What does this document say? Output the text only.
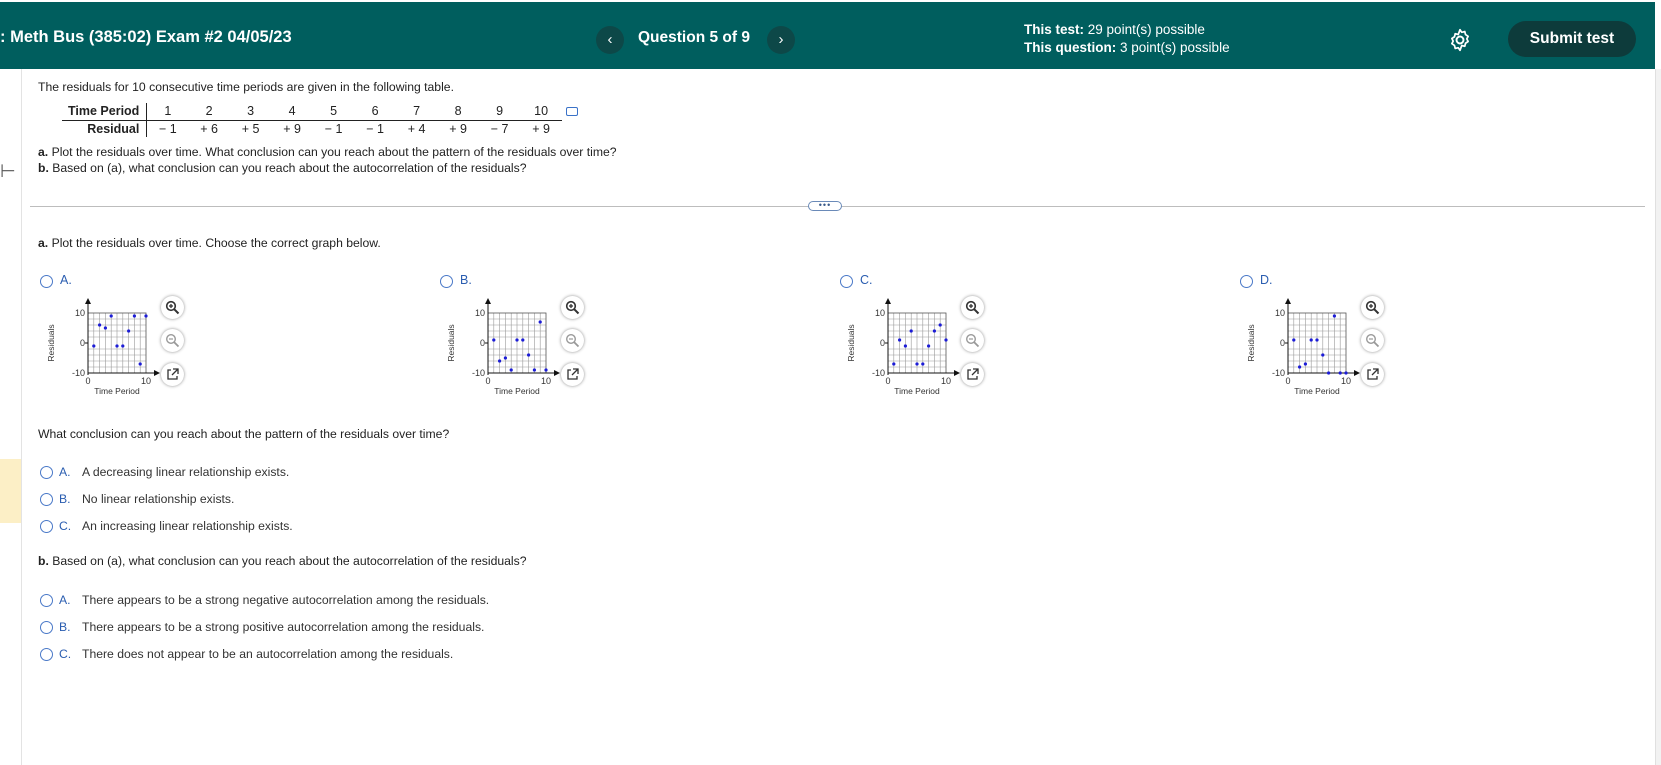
: Meth Bus (385:02) Exam #2 04/05/23	‹	Question 5 of 9	›
This test: 29 point(s) possible
This question: 3 point(s) possible
Submit test
⊢
The residuals for 10 consecutive time periods are given in the following table.
Time Period	1	2	3	4	5	6	7	8	9	10
Residual	− 1	+ 6	+ 5	+ 9	− 1	− 1	+ 4	+ 9	− 7	+ 9
a. Plot the residuals over time. What conclusion can you reach about the pattern of the residuals over time?
b. Based on (a), what conclusion can you reach about the autocorrelation of the residuals?
•••
a. Plot the residuals over time. Choose the correct graph below.
A.
10
0
-10
0	10
Time Period
Residuals
B.
10
0
-10
0	10
Time Period
Residuals
C.
10
0
-10
0	10
Time Period
Residuals
D.
10
0
-10
0	10
Time Period
Residuals
What conclusion can you reach about the pattern of the residuals over time?
A. A decreasing linear relationship exists.
B. No linear relationship exists.
C. An increasing linear relationship exists.
b. Based on (a), what conclusion can you reach about the autocorrelation of the residuals?
A. There appears to be a strong negative autocorrelation among the residuals.
B. There appears to be a strong positive autocorrelation among the residuals.
C. There does not appear to be an autocorrelation among the residuals.
